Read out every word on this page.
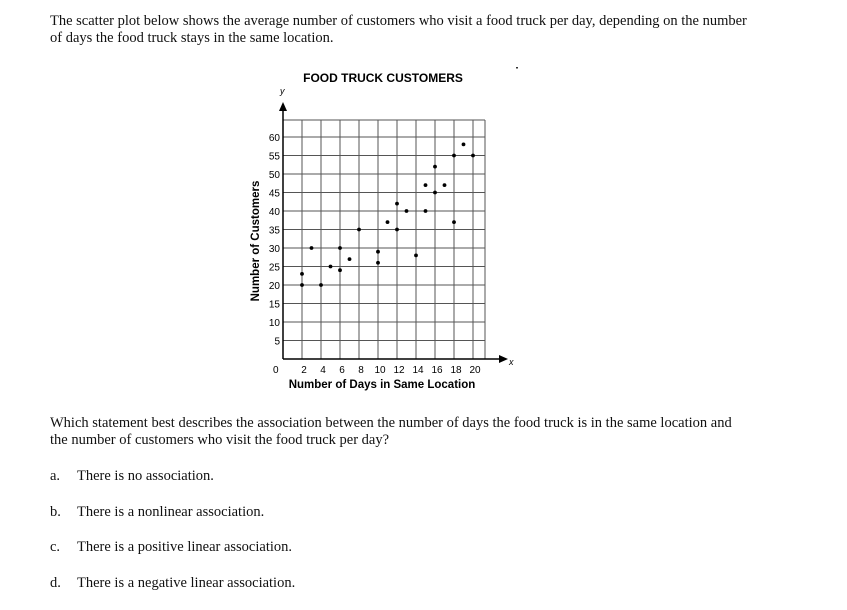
The scatter plot below shows the average number of customers who visit a food truck per day, depending on the number of days the food truck stays in the same location.
FOOD TRUCK CUSTOMERS
x
y
0 2 4 6 8 10 12 14 16 18 20
5
10
15
20
25
30
35
40
45
50
55
60
Number of Days in Same Location
Number of Customers
Which statement best describes the association between the number of days the food truck is in the same location and the number of customers who visit the food truck per day?
a.	There is no association.
b.	There is a nonlinear association.
c.	There is a positive linear association.
d.	There is a negative linear association.
